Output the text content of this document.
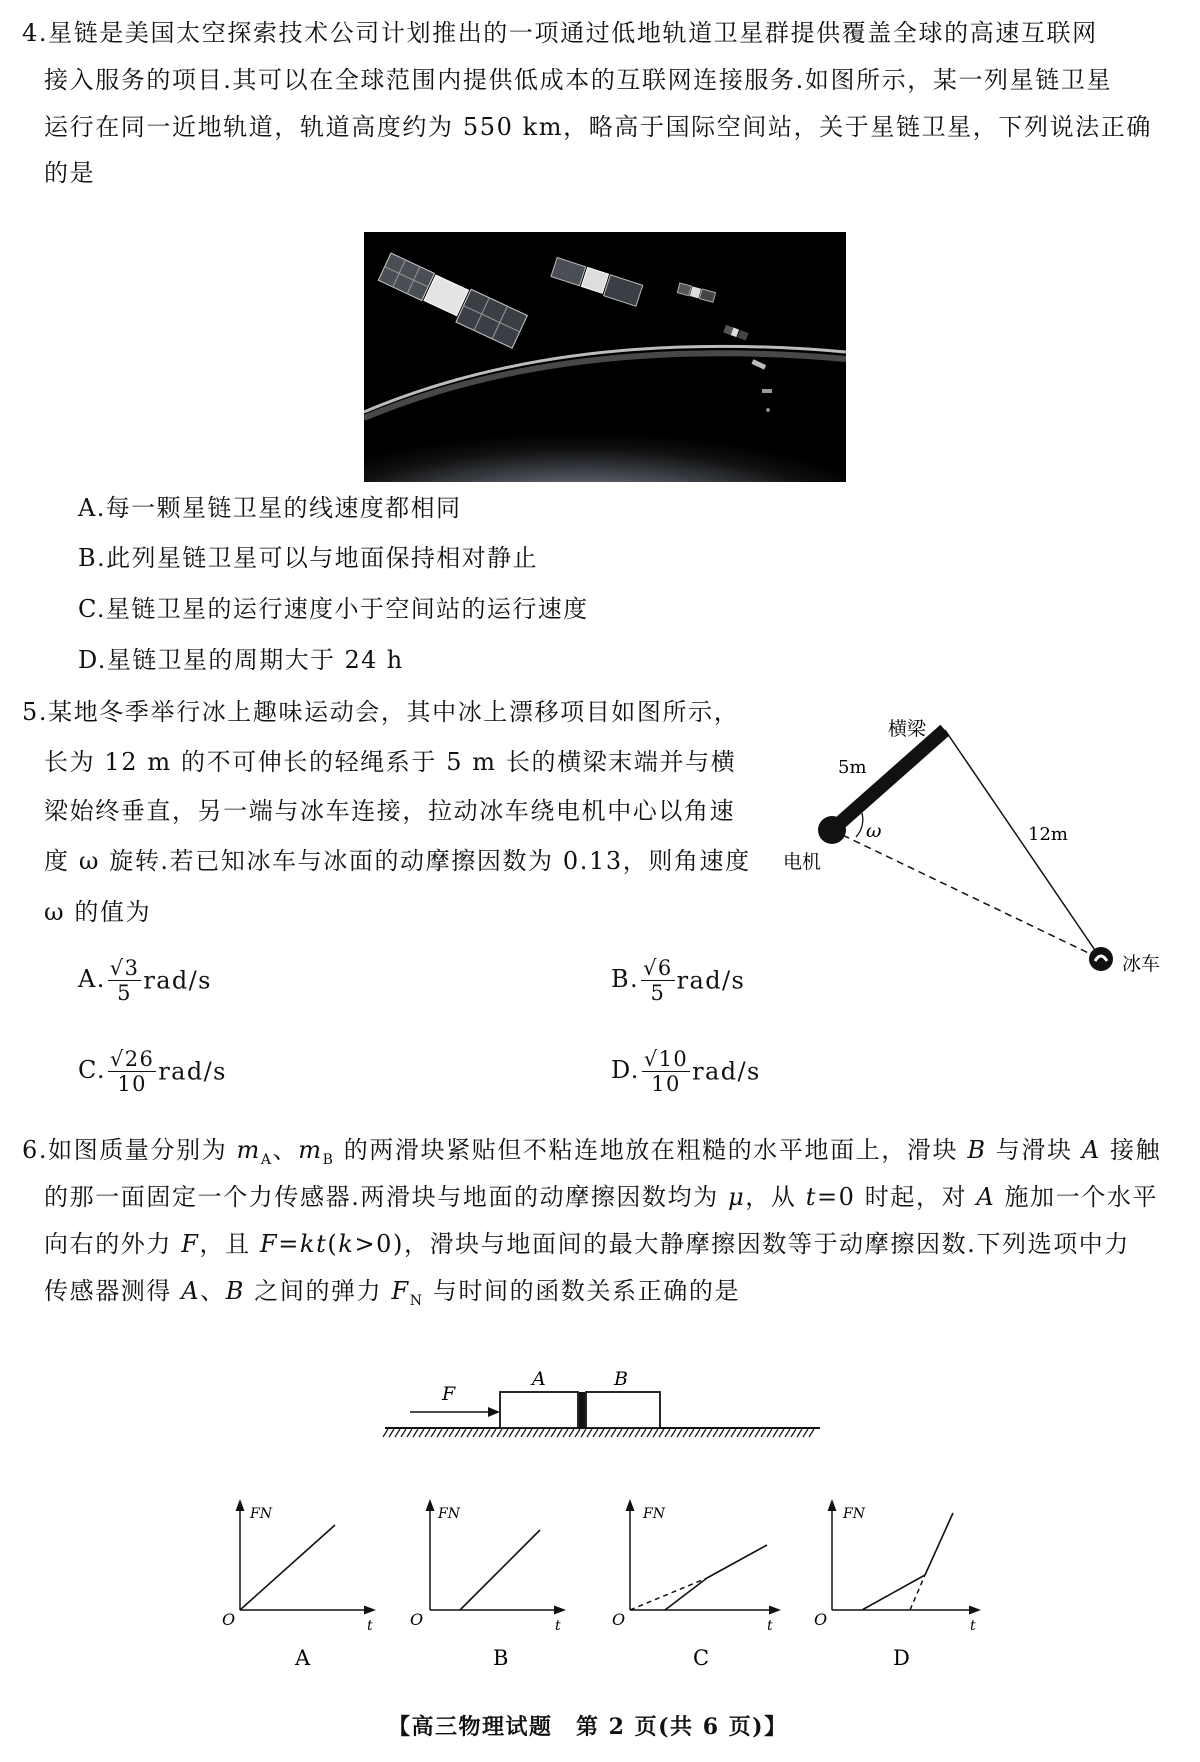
4.星链是美国太空探索技术公司计划推出的一项通过低地轨道卫星群提供覆盖全球的高速互联网
接入服务的项目.其可以在全球范围内提供低成本的互联网连接服务.如图所示，某一列星链卫星
运行在同一近地轨道，轨道高度约为 550 km，略高于国际空间站，关于星链卫星，下列说法正确
的是
A.每一颗星链卫星的线速度都相同
B.此列星链卫星可以与地面保持相对静止
C.星链卫星的运行速度小于空间站的运行速度
D.星链卫星的周期大于 24 h
5.某地冬季举行冰上趣味运动会，其中冰上漂移项目如图所示，
长为 12 m 的不可伸长的轻绳系于 5 m 长的横梁末端并与横
梁始终垂直，另一端与冰车连接，拉动冰车绕电机中心以角速
度 ω 旋转.若已知冰车与冰面的动摩擦因数为 0.13，则角速度
ω 的值为
A. $\frac{√3}{5} rad/s$	B. $\frac{√6}{5} rad/s$
C. $\frac{√26}{10} rad/s$	D. $\frac{√10}{10} rad/s$
横梁
5m
ω
电机
12m
冰车
6.如图质量分别为 $m_A$、$m_B$ 的两滑块紧贴但不粘连地放在粗糙的水平地面上，滑块 B 与滑块 A 接触
的那一面固定一个力传感器.两滑块与地面的动摩擦因数均为 μ，从 t=0 时起，对 A 施加一个水平
向右的外力 F，且 F=kt(k>0)，滑块与地面间的最大静摩擦因数等于动摩擦因数.下列选项中力
传感器测得 A、B 之间的弹力 $F_N$ 与时间的函数关系正确的是
F
A	B
FN
O	t
A
FN
O	t
B
FN
O	t
C
FN
O	t
D
【高三物理试题　第 2 页(共 6 页)】
